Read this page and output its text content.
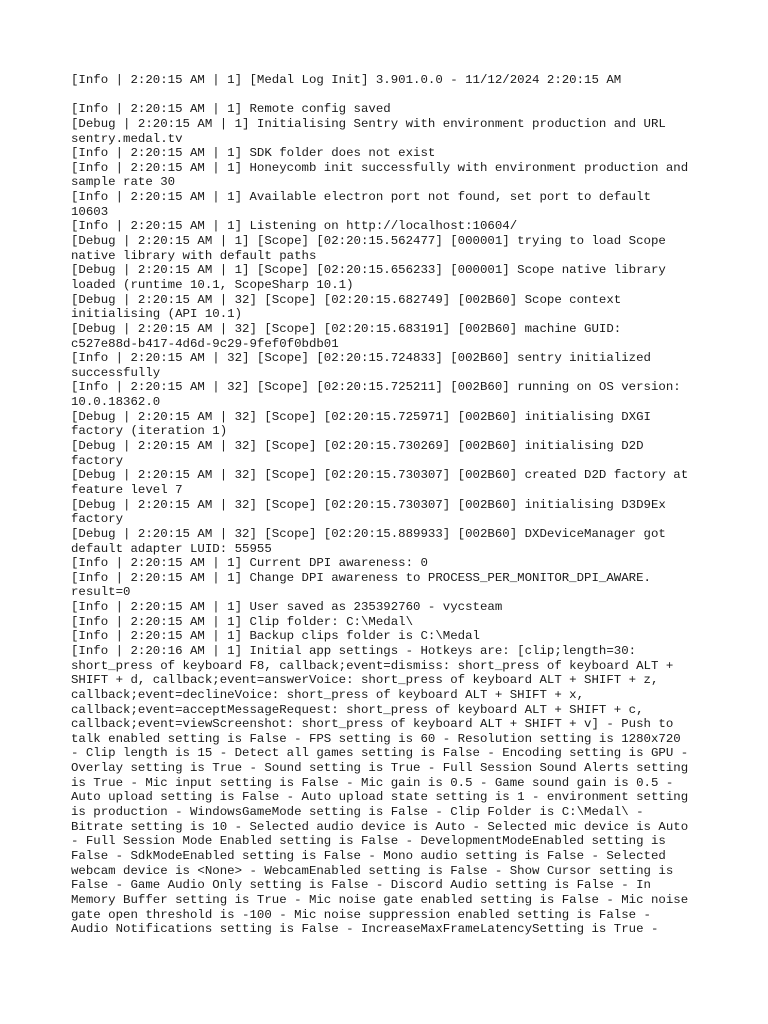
[Info | 2:20:15 AM | 1] [Medal Log Init] 3.901.0.0 - 11/12/2024 2:20:15 AM
[Info | 2:20:15 AM | 1] Remote config saved
[Debug | 2:20:15 AM | 1] Initialising Sentry with environment production and URL
sentry.medal.tv
[Info | 2:20:15 AM | 1] SDK folder does not exist
[Info | 2:20:15 AM | 1] Honeycomb init successfully with environment production and
sample rate 30
[Info | 2:20:15 AM | 1] Available electron port not found, set port to default
10603
[Info | 2:20:15 AM | 1] Listening on http://localhost:10604/
[Debug | 2:20:15 AM | 1] [Scope] [02:20:15.562477] [000001] trying to load Scope
native library with default paths
[Debug | 2:20:15 AM | 1] [Scope] [02:20:15.656233] [000001] Scope native library
loaded (runtime 10.1, ScopeSharp 10.1)
[Debug | 2:20:15 AM | 32] [Scope] [02:20:15.682749] [002B60] Scope context
initialising (API 10.1)
[Debug | 2:20:15 AM | 32] [Scope] [02:20:15.683191] [002B60] machine GUID:
c527e88d-b417-4d6d-9c29-9fef0f0bdb01
[Info | 2:20:15 AM | 32] [Scope] [02:20:15.724833] [002B60] sentry initialized
successfully
[Info | 2:20:15 AM | 32] [Scope] [02:20:15.725211] [002B60] running on OS version:
10.0.18362.0
[Debug | 2:20:15 AM | 32] [Scope] [02:20:15.725971] [002B60] initialising DXGI
factory (iteration 1)
[Debug | 2:20:15 AM | 32] [Scope] [02:20:15.730269] [002B60] initialising D2D
factory
[Debug | 2:20:15 AM | 32] [Scope] [02:20:15.730307] [002B60] created D2D factory at
feature level 7
[Debug | 2:20:15 AM | 32] [Scope] [02:20:15.730307] [002B60] initialising D3D9Ex
factory
[Debug | 2:20:15 AM | 32] [Scope] [02:20:15.889933] [002B60] DXDeviceManager got
default adapter LUID: 55955
[Info | 2:20:15 AM | 1] Current DPI awareness: 0
[Info | 2:20:15 AM | 1] Change DPI awareness to PROCESS_PER_MONITOR_DPI_AWARE.
result=0
[Info | 2:20:15 AM | 1] User saved as 235392760 - vycsteam
[Info | 2:20:15 AM | 1] Clip folder: C:\Medal\
[Info | 2:20:15 AM | 1] Backup clips folder is C:\Medal
[Info | 2:20:16 AM | 1] Initial app settings - Hotkeys are: [clip;length=30:
short_press of keyboard F8, callback;event=dismiss: short_press of keyboard ALT +
SHIFT + d, callback;event=answerVoice: short_press of keyboard ALT + SHIFT + z,
callback;event=declineVoice: short_press of keyboard ALT + SHIFT + x,
callback;event=acceptMessageRequest: short_press of keyboard ALT + SHIFT + c,
callback;event=viewScreenshot: short_press of keyboard ALT + SHIFT + v] - Push to
talk enabled setting is False - FPS setting is 60 - Resolution setting is 1280x720
- Clip length is 15 - Detect all games setting is False - Encoding setting is GPU -
Overlay setting is True - Sound setting is True - Full Session Sound Alerts setting
is True - Mic input setting is False - Mic gain is 0.5 - Game sound gain is 0.5 -
Auto upload setting is False - Auto upload state setting is 1 - environment setting
is production - WindowsGameMode setting is False - Clip Folder is C:\Medal\ -
Bitrate setting is 10 - Selected audio device is Auto - Selected mic device is Auto
- Full Session Mode Enabled setting is False - DevelopmentModeEnabled setting is
False - SdkModeEnabled setting is False - Mono audio setting is False - Selected
webcam device is <None> - WebcamEnabled setting is False - Show Cursor setting is
False - Game Audio Only setting is False - Discord Audio setting is False - In
Memory Buffer setting is True - Mic noise gate enabled setting is False - Mic noise
gate open threshold is -100 - Mic noise suppression enabled setting is False -
Audio Notifications setting is False - IncreaseMaxFrameLatencySetting is True -
